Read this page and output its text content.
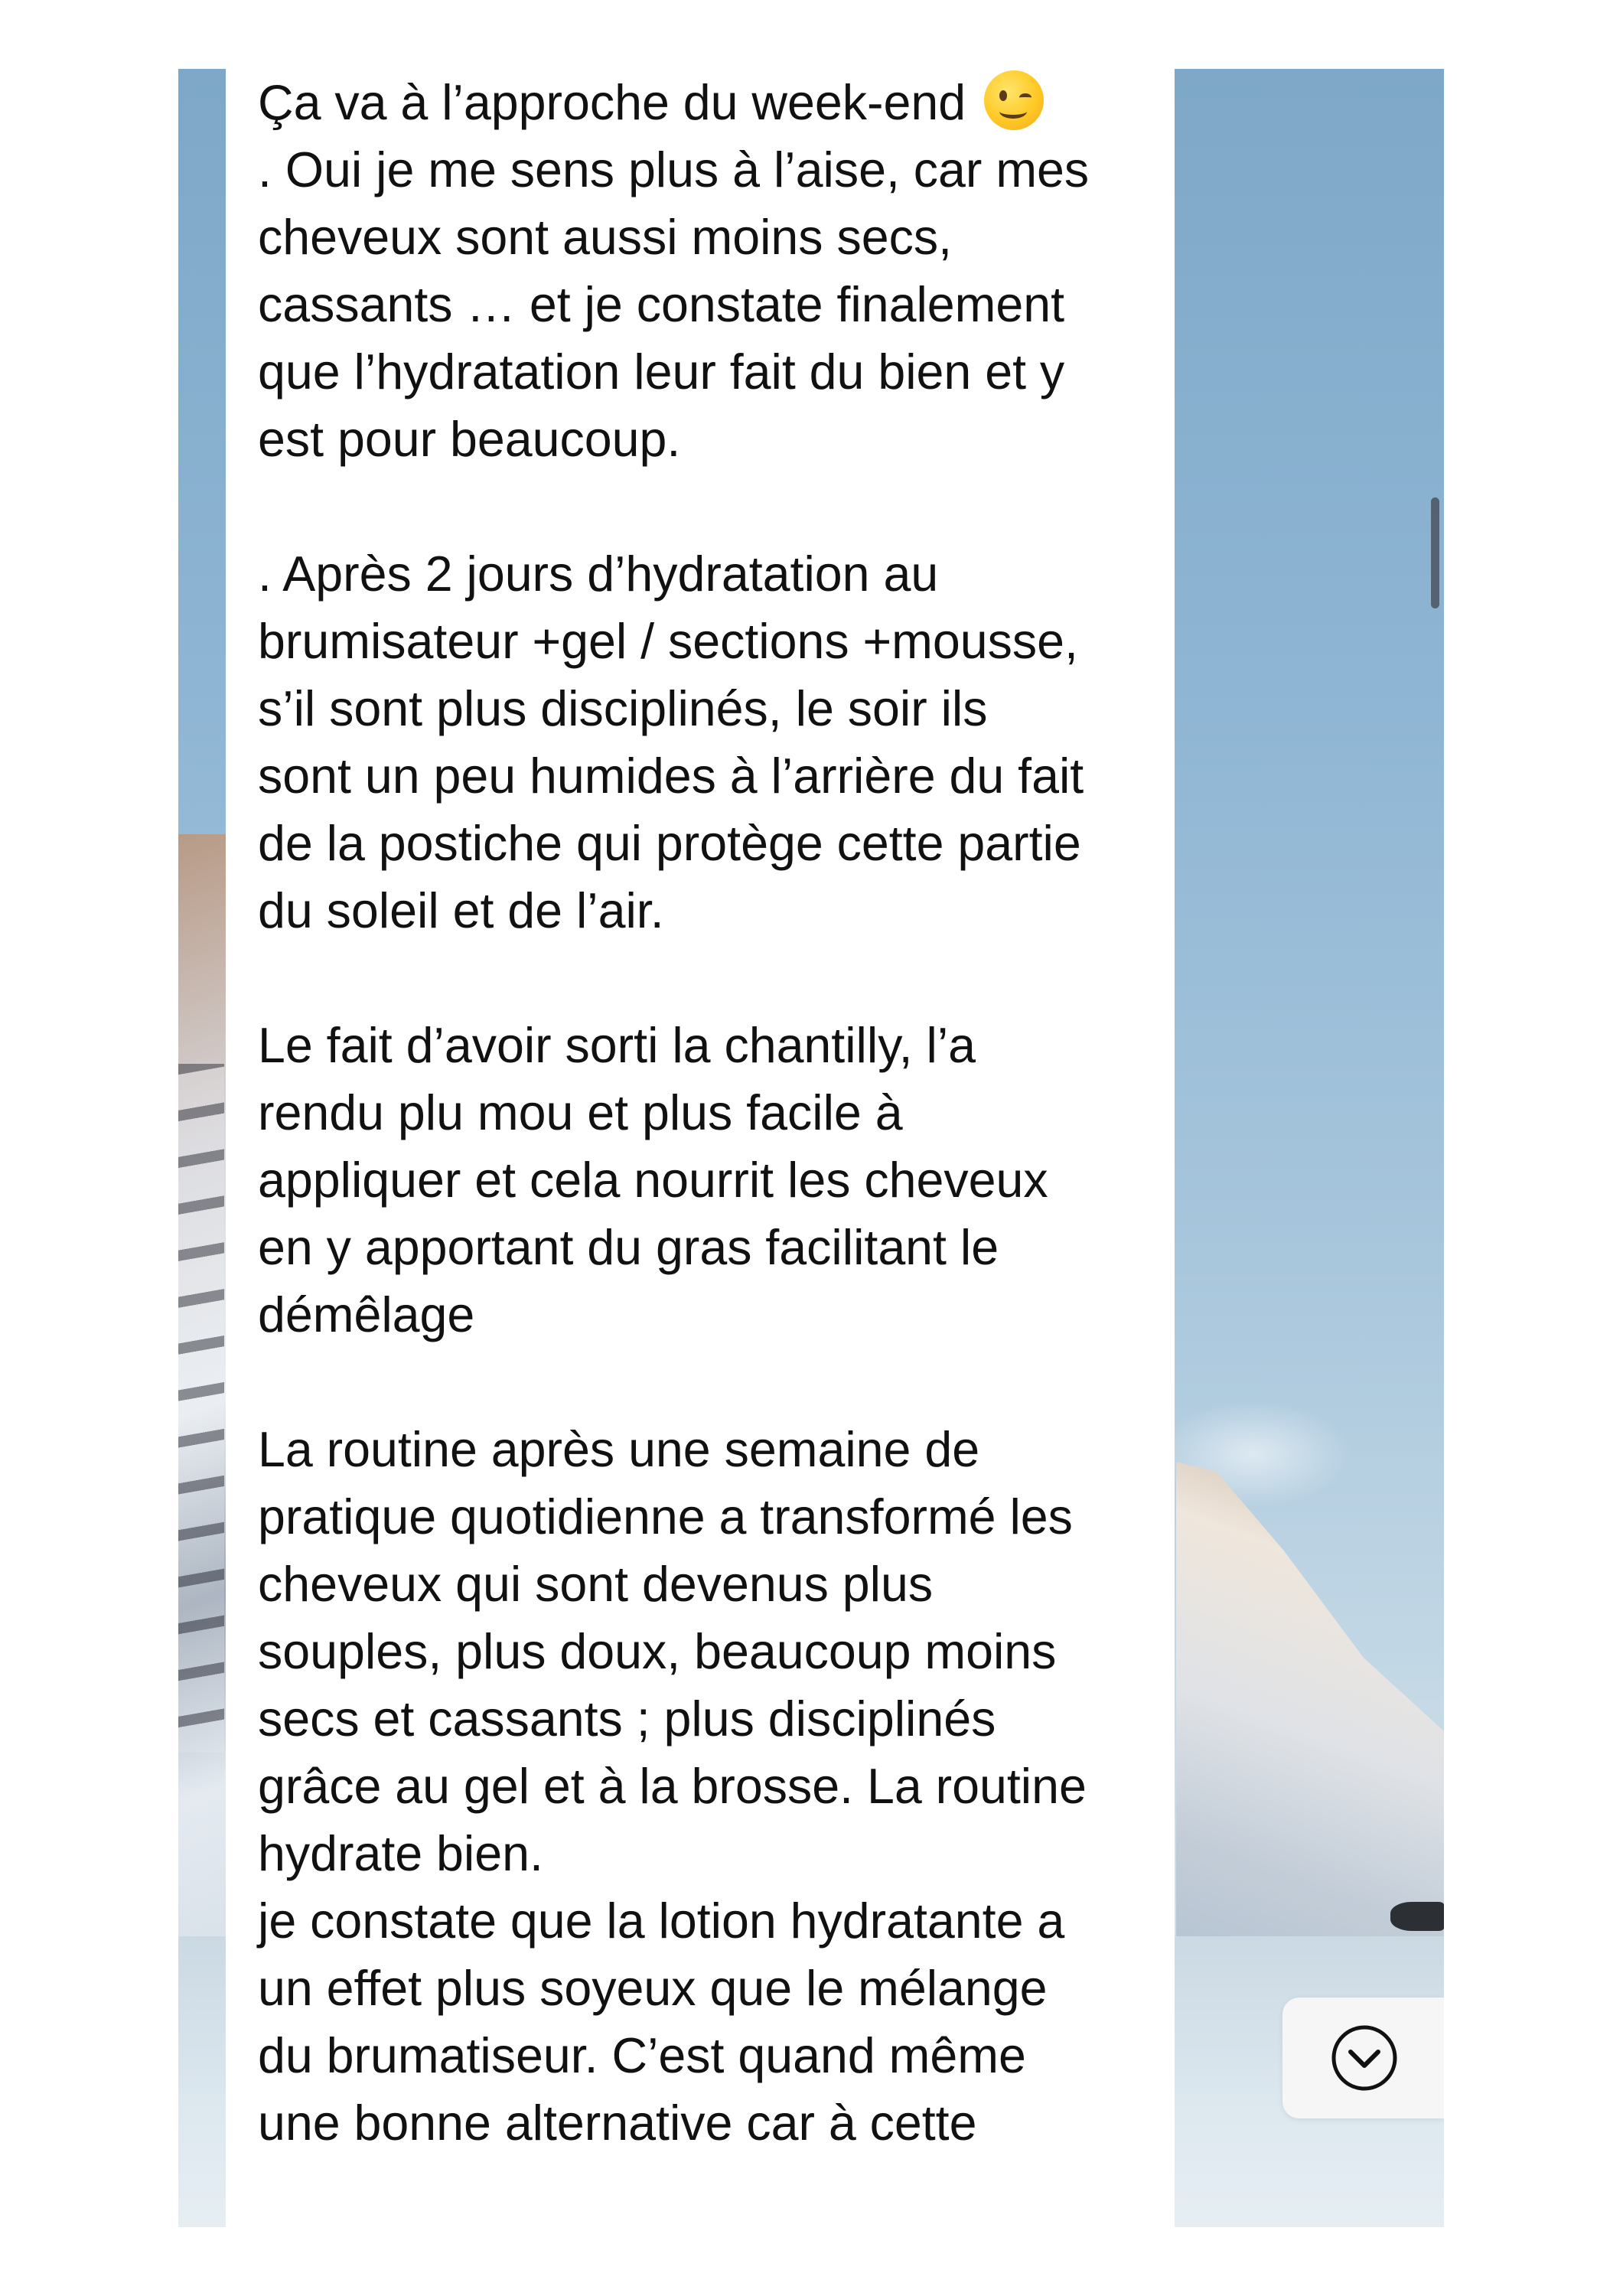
Ça va à l’approche du week-end

. Oui je me sens plus à l’aise, car mes
cheveux sont aussi moins secs,
cassants … et je constate finalement
que l’hydratation leur fait du bien et y
est pour beaucoup.

. Après 2 jours d’hydratation au
brumisateur +gel / sections +mousse,
s’il sont plus disciplinés, le soir ils
sont un peu humides à l’arrière du fait
de la postiche qui protège cette partie
du soleil et de l’air.

Le fait d’avoir sorti la chantilly, l’a
rendu plu mou et plus facile à
appliquer et cela nourrit les cheveux
en y apportant du gras facilitant le
démêlage

La routine après une semaine de
pratique quotidienne a transformé les
cheveux qui sont devenus plus
souples, plus doux, beaucoup moins
secs et cassants ; plus disciplinés
grâce au gel et à la brosse. La routine
hydrate bien.
je constate que la lotion hydratante a
un effet plus soyeux que le mélange
du brumatiseur. C’est quand même
une bonne alternative car à cette
